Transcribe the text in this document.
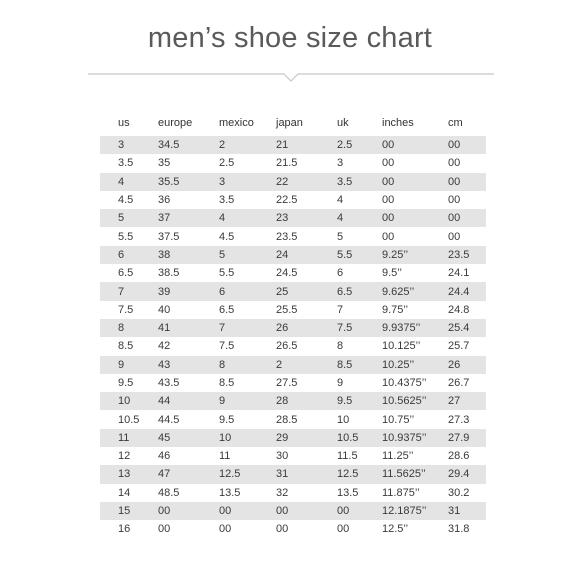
men’s shoe size chart
us	europe	mexico	japan	uk	inches	cm
3	34.5	2	21	2.5	00	00
3.5	35	2.5	21.5	3	00	00
4	35.5	3	22	3.5	00	00
4.5	36	3.5	22.5	4	00	00
5	37	4	23	4	00	00
5.5	37.5	4.5	23.5	5	00	00
6	38	5	24	5.5	9.25’’	23.5
6.5	38.5	5.5	24.5	6	9.5’’	24.1
7	39	6	25	6.5	9.625’’	24.4
7.5	40	6.5	25.5	7	9.75’’	24.8
8	41	7	26	7.5	9.9375’’	25.4
8.5	42	7.5	26.5	8	10.125’’	25.7
9	43	8	2	8.5	10.25’’	26
9.5	43.5	8.5	27.5	9	10.4375’’	26.7
10	44	9	28	9.5	10.5625’’	27
10.5	44.5	9.5	28.5	10	10.75’’	27.3
11	45	10	29	10.5	10.9375’’	27.9
12	46	11	30	11.5	11.25’’	28.6
13	47	12.5	31	12.5	11.5625’’	29.4
14	48.5	13.5	32	13.5	11.875’’	30.2
15	00	00	00	00	12.1875’’	31
16	00	00	00	00	12.5’’	31.8
